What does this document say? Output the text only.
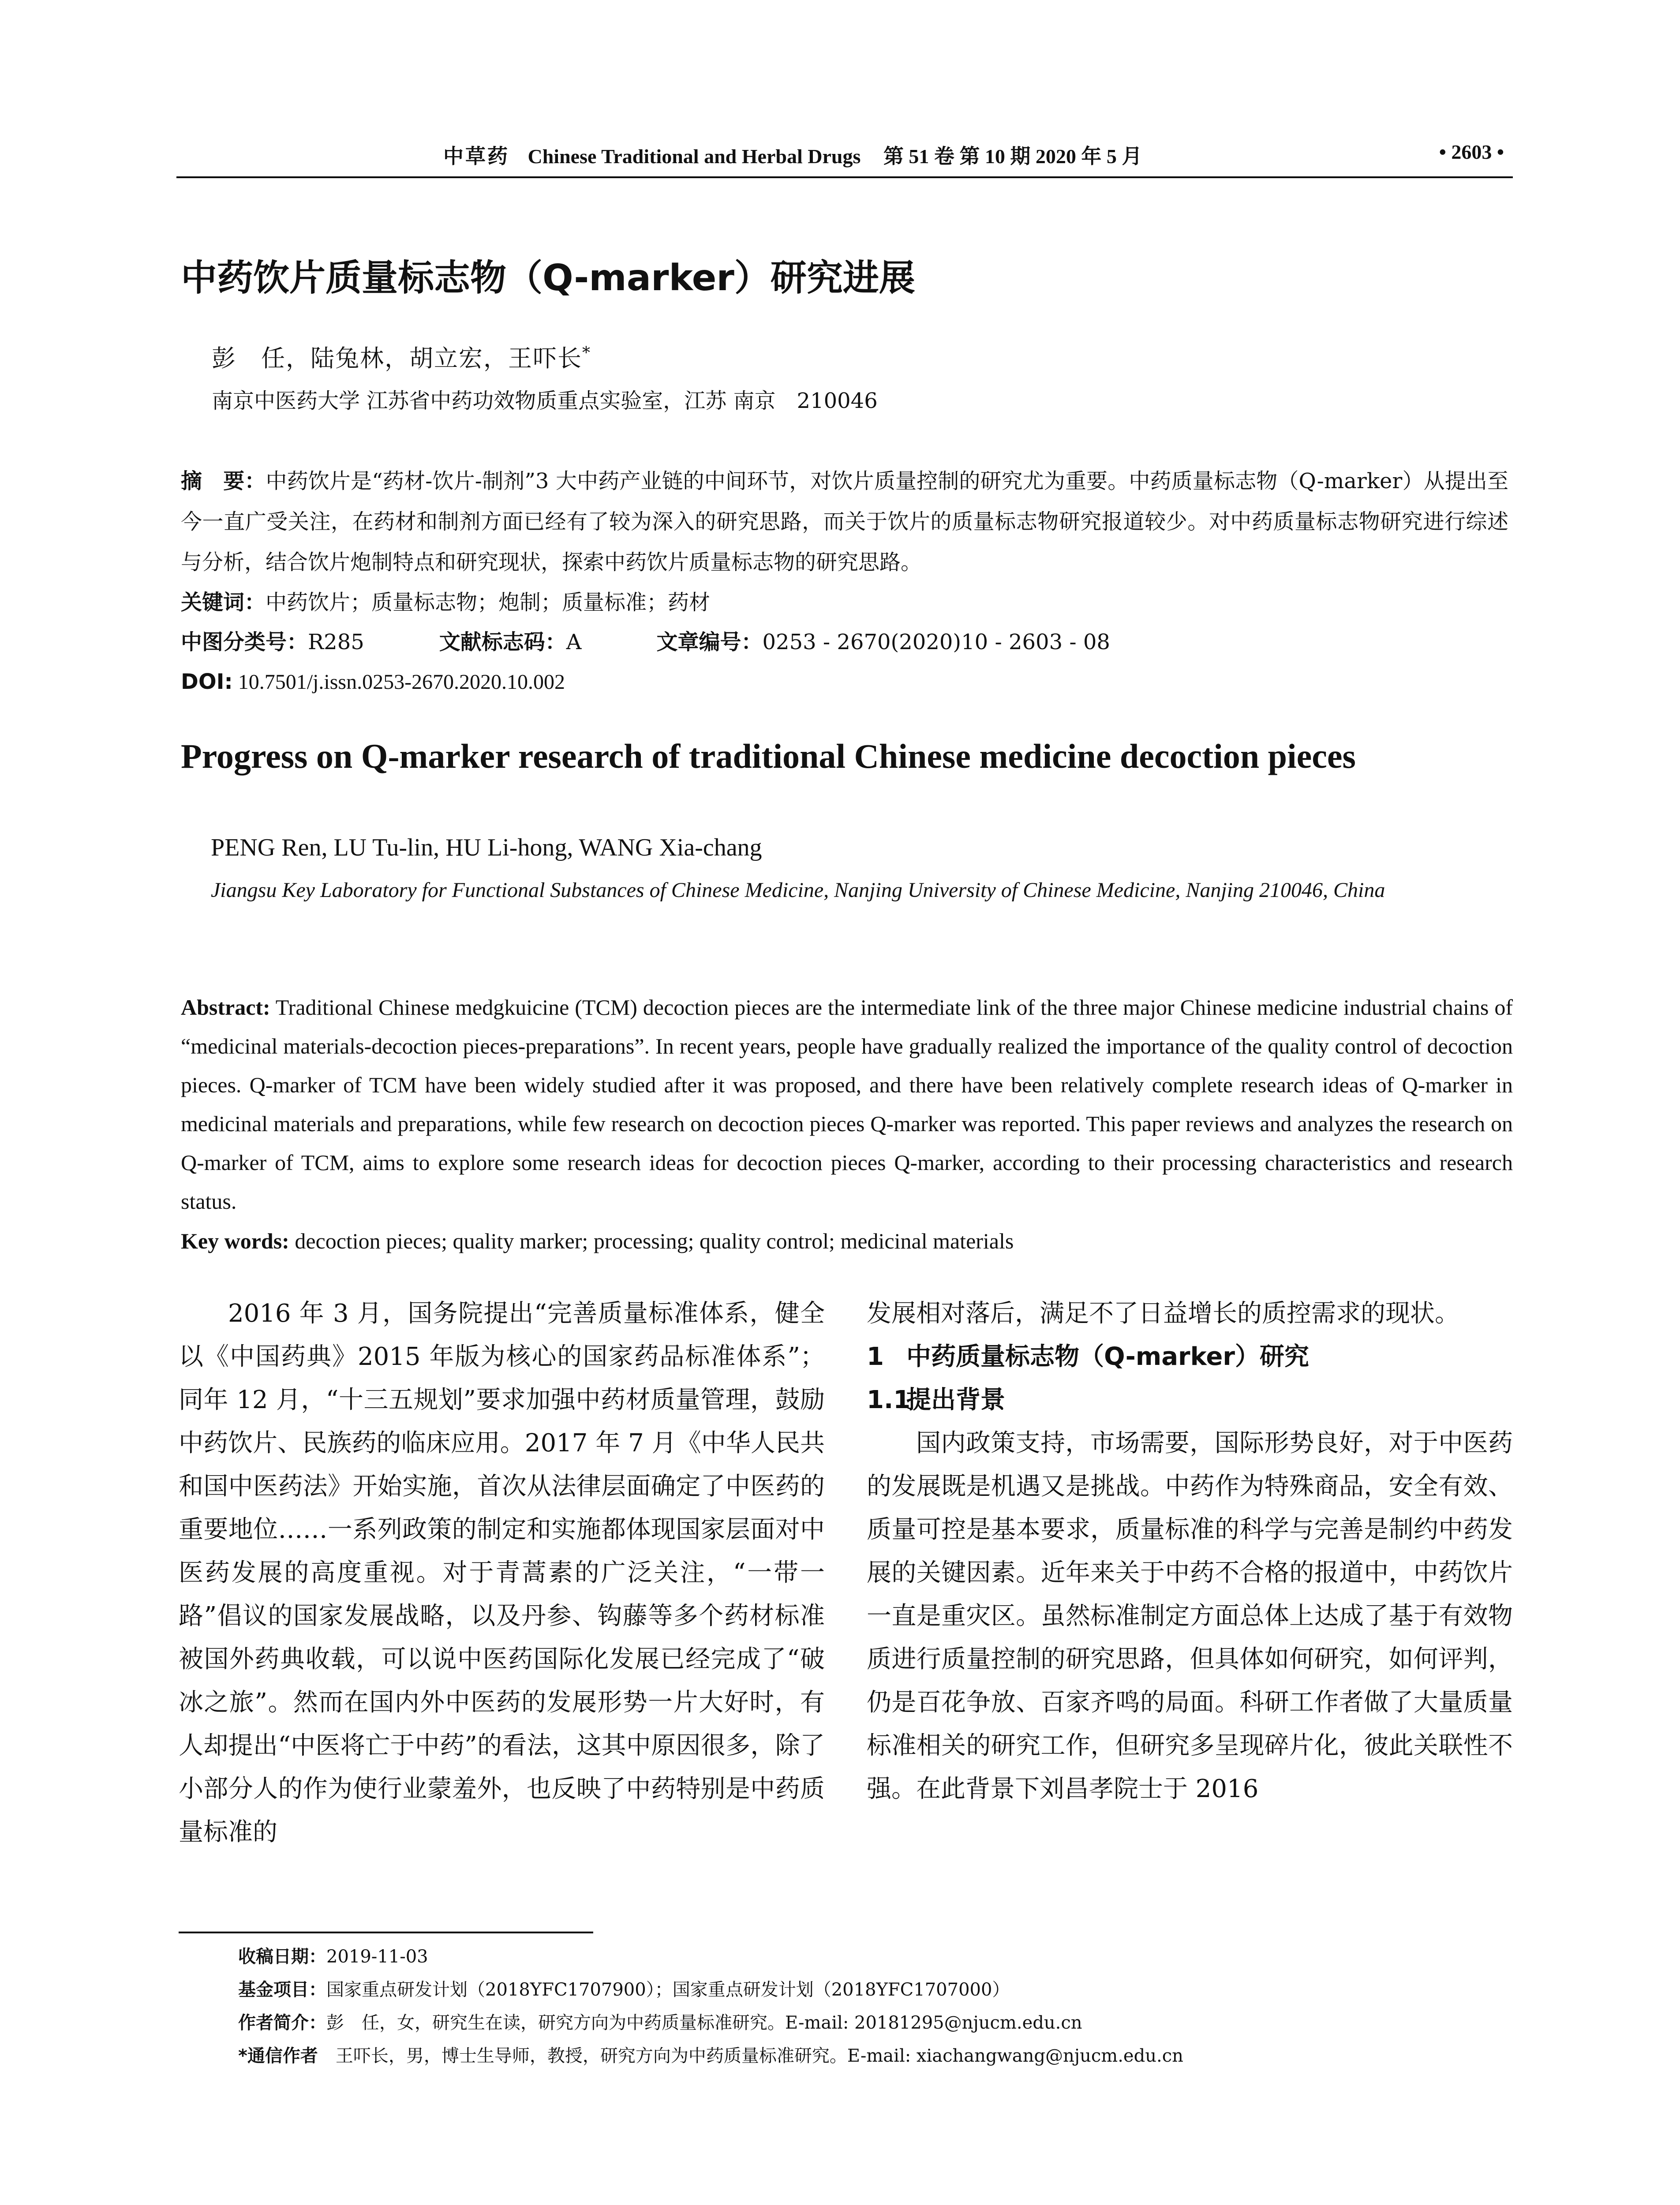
中草药 Chinese Traditional and Herbal Drugs 第 51 卷 第 10 期 2020 年 5 月	• 2603 •
中药饮片质量标志物（Q-marker）研究进展
彭　任，陆兔林，胡立宏，王吓长*
南京中医药大学 江苏省中药功效物质重点实验室，江苏 南京　210046
摘　要：中药饮片是“药材-饮片-制剂”3 大中药产业链的中间环节，对饮片质量控制的研究尤为重要。中药质量标志物（Q-marker）从提出至今一直广受关注，在药材和制剂方面已经有了较为深入的研究思路，而关于饮片的质量标志物研究报道较少。对中药质量标志物研究进行综述与分析，结合饮片炮制特点和研究现状，探索中药饮片质量标志物的研究思路。
关键词：中药饮片；质量标志物；炮制；质量标准；药材
中图分类号：R285	文献标志码：A	文章编号：0253 - 2670(2020)10 - 2603 - 08
DOI: 10.7501/j.issn.0253-2670.2020.10.002
Progress on Q-marker research of traditional Chinese medicine decoction pieces
PENG Ren, LU Tu-lin, HU Li-hong, WANG Xia-chang
Jiangsu Key Laboratory for Functional Substances of Chinese Medicine, Nanjing University of Chinese Medicine, Nanjing 210046, China
Abstract: Traditional Chinese medgkuicine (TCM) decoction pieces are the intermediate link of the three major Chinese medicine industrial chains of “medicinal materials-decoction pieces-preparations”. In recent years, people have gradually realized the importance of the quality control of decoction pieces. Q-marker of TCM have been widely studied after it was proposed, and there have been relatively complete research ideas of Q-marker in medicinal materials and preparations, while few research on decoction pieces Q-marker was reported. This paper reviews and analyzes the research on Q-marker of TCM, aims to explore some research ideas for decoction pieces Q-marker, according to their processing characteristics and research status.
Key words: decoction pieces; quality marker; processing; quality control; medicinal materials

2016 年 3 月，国务院提出“完善质量标准体系，健全以《中国药典》2015 年版为核心的国家药品标准体系”；同年 12 月，“十三五规划”要求加强中药材质量管理，鼓励中药饮片、民族药的临床应用。2017 年 7 月《中华人民共和国中医药法》开始实施，首次从法律层面确定了中医药的重要地位……一系列政策的制定和实施都体现国家层面对中医药发展的高度重视。对于青蒿素的广泛关注，“一带一路”倡议的国家发展战略，以及丹参、钩藤等多个药材标准被国外药典收载，可以说中医药国际化发展已经完成了“破冰之旅”。然而在国内外中医药的发展形势一片大好时，有人却提出“中医将亡于中药”的看法，这其中原因很多，除了小部分人的作为使行业蒙羞外，也反映了中药特别是中药质量标准的

发展相对落后，满足不了日益增长的质控需求的现状。

1 中药质量标志物（Q-marker）研究
1.1提出背景

国内政策支持，市场需要，国际形势良好，对于中医药的发展既是机遇又是挑战。中药作为特殊商品，安全有效、质量可控是基本要求，质量标准的科学与完善是制约中药发展的关键因素。近年来关于中药不合格的报道中，中药饮片一直是重灾区。虽然标准制定方面总体上达成了基于有效物质进行质量控制的研究思路，但具体如何研究，如何评判，仍是百花争放、百家齐鸣的局面。科研工作者做了大量质量标准相关的研究工作，但研究多呈现碎片化，彼此关联性不强。在此背景下刘昌孝院士于 2016

收稿日期：2019-11-03
基金项目：国家重点研发计划（2018YFC1707900）；国家重点研发计划（2018YFC1707000）
作者简介：彭　任，女，研究生在读，研究方向为中药质量标准研究。E-mail: 20181295@njucm.edu.cn
*通信作者　 王吓长，男，博士生导师，教授，研究方向为中药质量标准研究。E-mail: xiachangwang@njucm.edu.cn
